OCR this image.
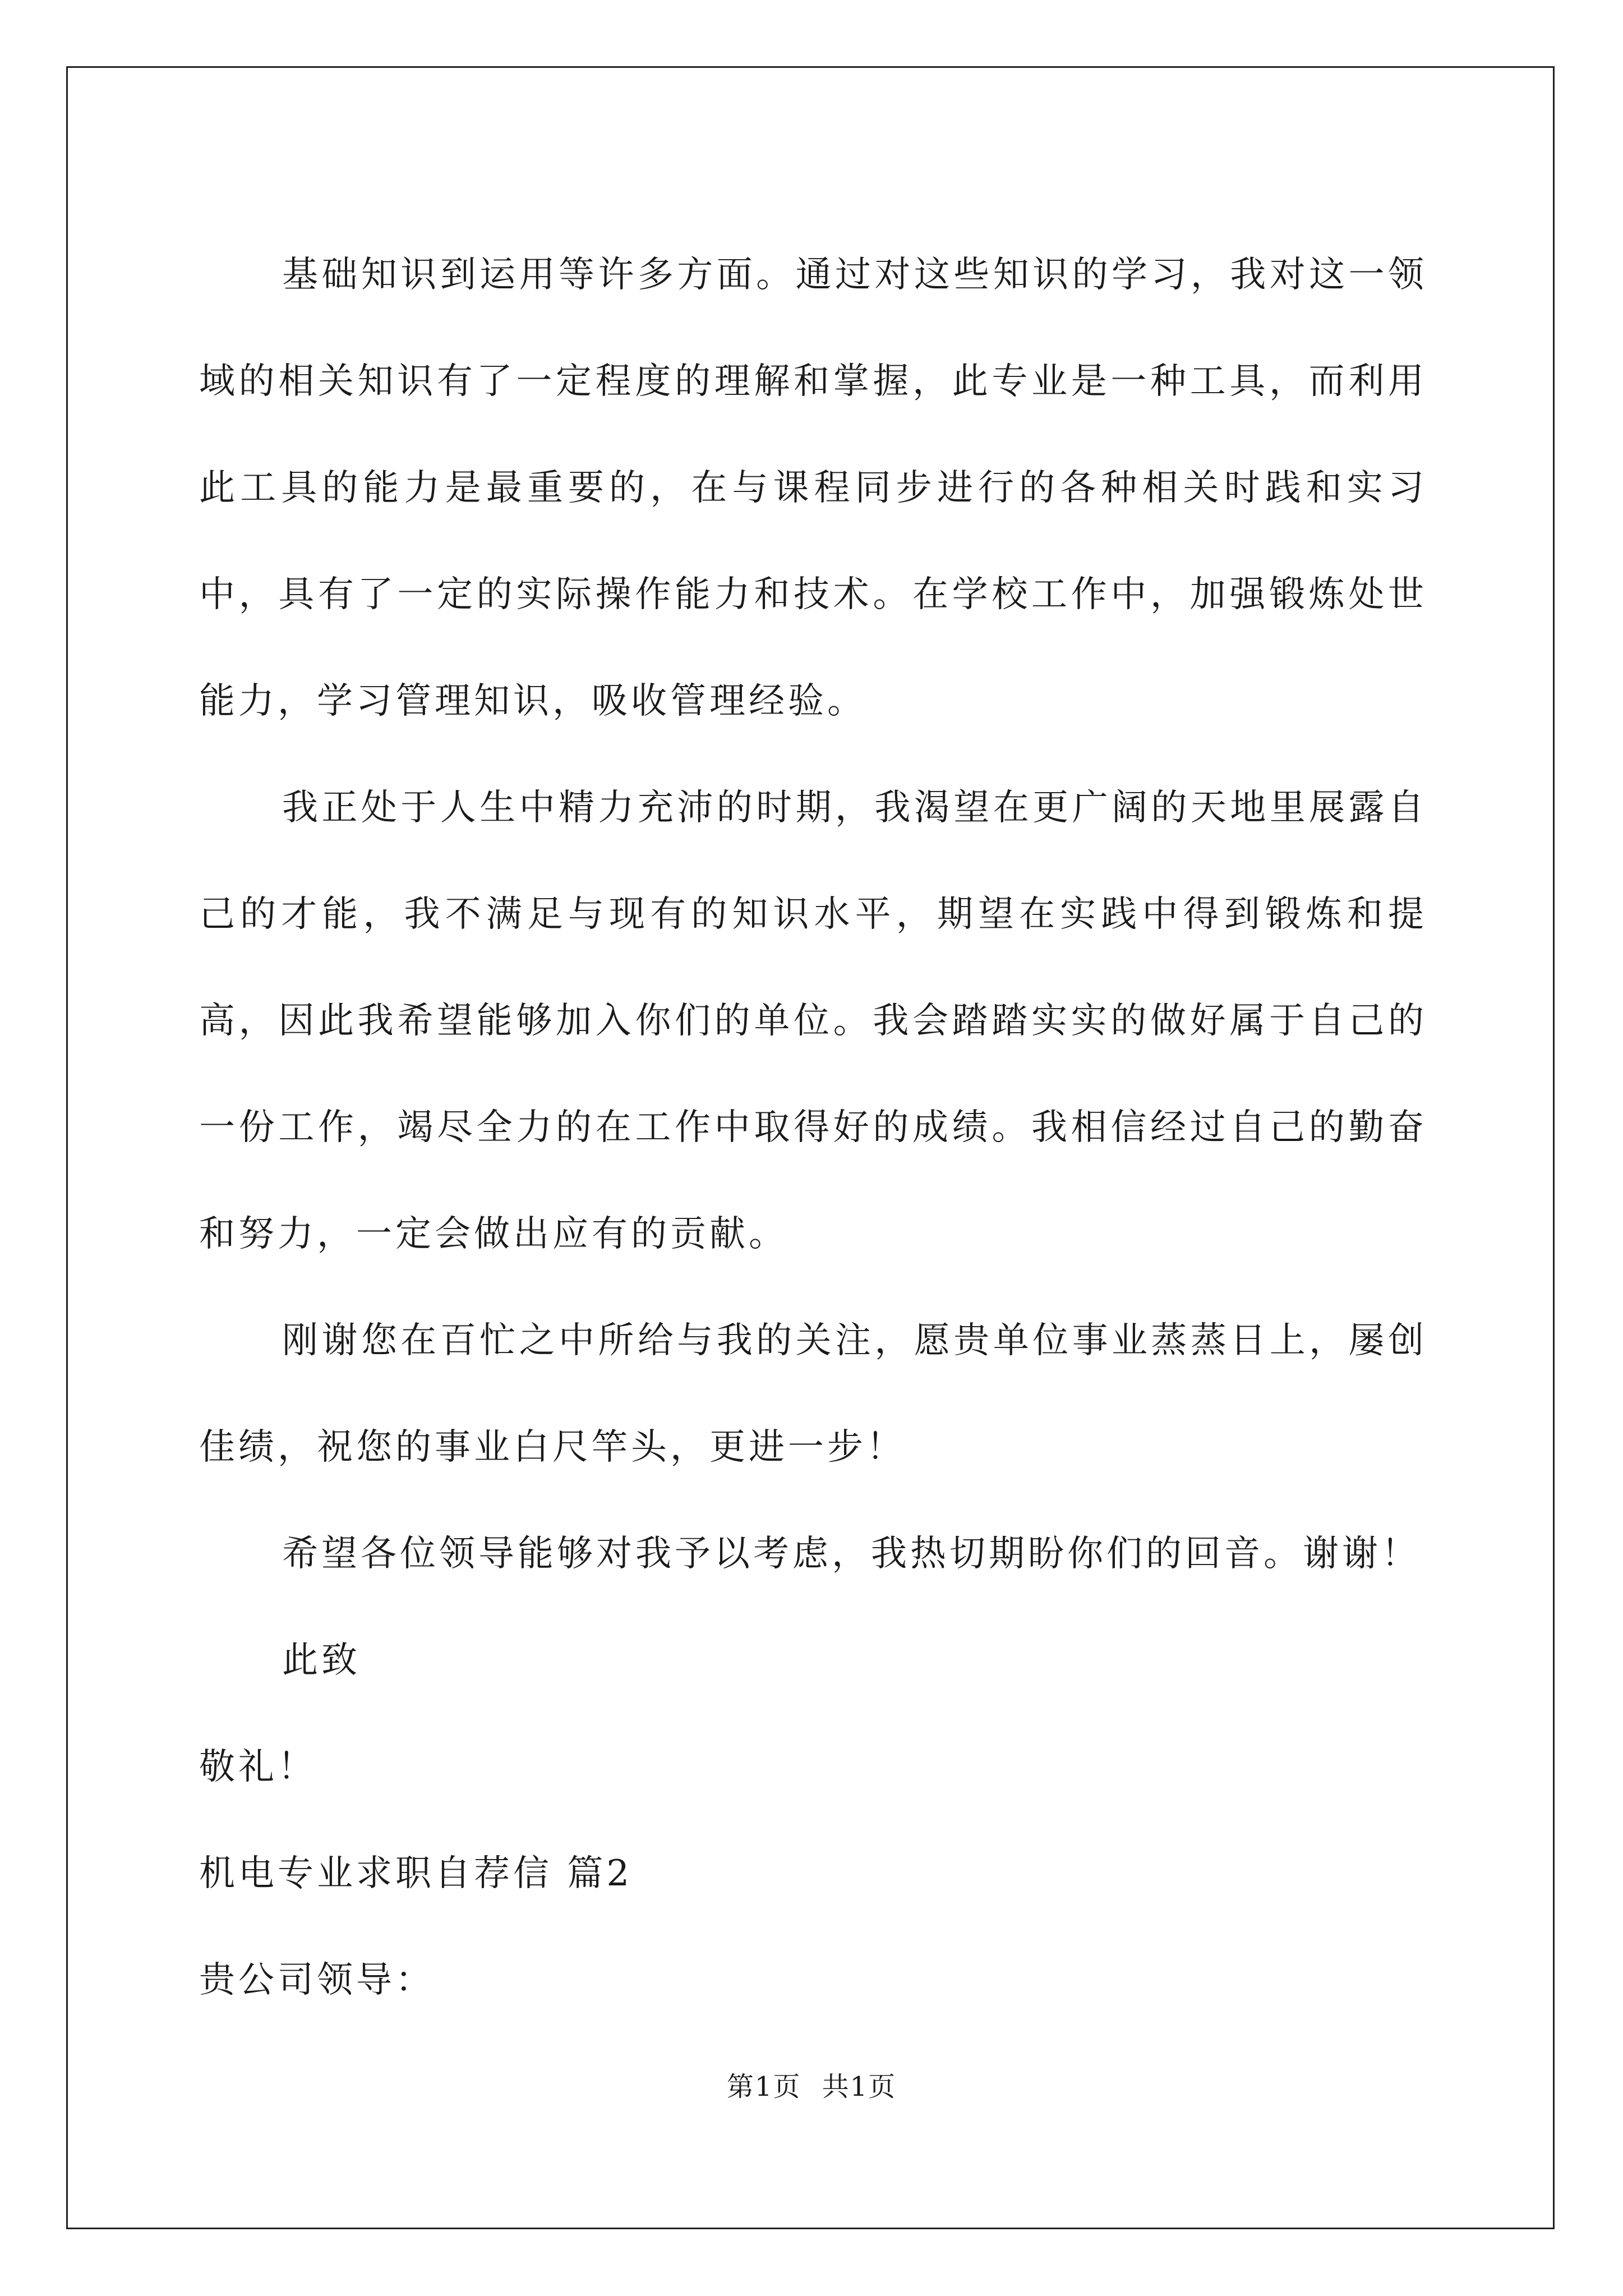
基础知识到运用等许多方面。通过对这些知识的学习，我对这一领域的相关知识有了一定程度的理解和掌握，此专业是一种工具，而利用此工具的能力是最重要的，在与课程同步进行的各种相关时践和实习中，具有了一定的实际操作能力和技术。在学校工作中，加强锻炼处世能力，学习管理知识，吸收管理经验。

我正处于人生中精力充沛的时期，我渴望在更广阔的天地里展露自己的才能，我不满足与现有的知识水平，期望在实践中得到锻炼和提高，因此我希望能够加入你们的单位。我会踏踏实实的做好属于自己的一份工作，竭尽全力的在工作中取得好的成绩。我相信经过自己的勤奋和努力，一定会做出应有的贡献。

刚谢您在百忙之中所给与我的关注，愿贵单位事业蒸蒸日上，屡创佳绩，祝您的事业白尺竿头，更进一步！

希望各位领导能够对我予以考虑，我热切期盼你们的回音。谢谢！

此致

敬礼！

机电专业求职自荐信 篇2

贵公司领导：

第1页 共1页
